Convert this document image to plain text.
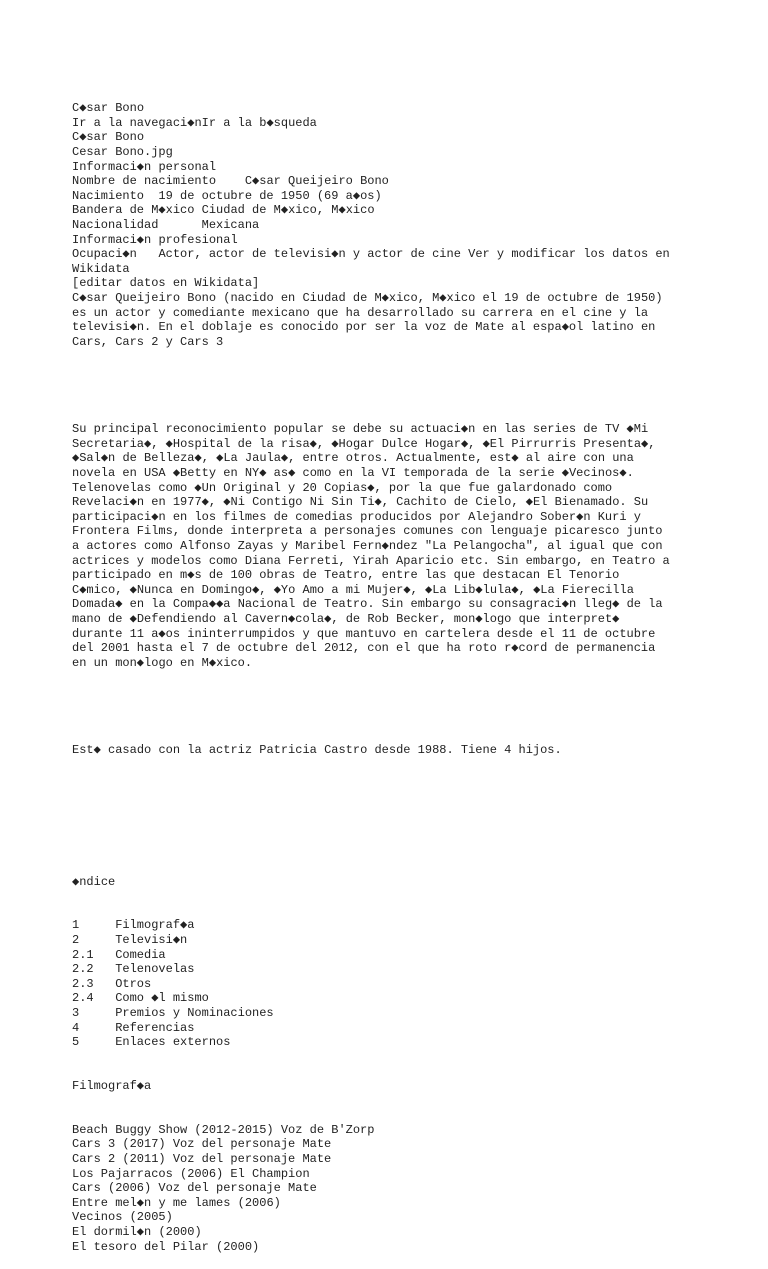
C◆sar Bono
Ir a la navegaci◆nIr a la b◆squeda
C◆sar Bono
Cesar Bono.jpg
Informaci◆n personal
Nombre de nacimiento    C◆sar Queijeiro Bono
Nacimiento  19 de octubre de 1950 (69 a◆os)
Bandera de M◆xico Ciudad de M◆xico, M◆xico
Nacionalidad      Mexicana
Informaci◆n profesional
Ocupaci◆n   Actor, actor de televisi◆n y actor de cine Ver y modificar los datos en
Wikidata
[editar datos en Wikidata]
C◆sar Queijeiro Bono (nacido en Ciudad de M◆xico, M◆xico el 19 de octubre de 1950)
es un actor y comediante mexicano que ha desarrollado su carrera en el cine y la
televisi◆n. En el doblaje es conocido por ser la voz de Mate al espa◆ol latino en
Cars, Cars 2 y Cars 3

Su principal reconocimiento popular se debe su actuaci◆n en las series de TV ◆Mi
Secretaria◆, ◆Hospital de la risa◆, ◆Hogar Dulce Hogar◆, ◆El Pirrurris Presenta◆,
◆Sal◆n de Belleza◆, ◆La Jaula◆, entre otros. Actualmente, est◆ al aire con una
novela en USA ◆Betty en NY◆ as◆ como en la VI temporada de la serie ◆Vecinos◆.
Telenovelas como ◆Un Original y 20 Copias◆, por la que fue galardonado como
Revelaci◆n en 1977◆, ◆Ni Contigo Ni Sin Ti◆, Cachito de Cielo, ◆El Bienamado. Su
participaci◆n en los filmes de comedias producidos por Alejandro Sober◆n Kuri y
Frontera Films, donde interpreta a personajes comunes con lenguaje picaresco junto
a actores como Alfonso Zayas y Maribel Fern◆ndez "La Pelangocha", al igual que con
actrices y modelos como Diana Ferreti, Yirah Aparicio etc. Sin embargo, en Teatro a
participado en m◆s de 100 obras de Teatro, entre las que destacan El Tenorio
C◆mico, ◆Nunca en Domingo◆, ◆Yo Amo a mi Mujer◆, ◆La Lib◆lula◆, ◆La Fierecilla
Domada◆ en la Compa◆◆a Nacional de Teatro. Sin embargo su consagraci◆n lleg◆ de la
mano de ◆Defendiendo al Cavern◆cola◆, de Rob Becker, mon◆logo que interpret◆
durante 11 a◆os ininterrumpidos y que mantuvo en cartelera desde el 11 de octubre
del 2001 hasta el 7 de octubre del 2012, con el que ha roto r◆cord de permanencia
en un mon◆logo en M◆xico.

Est◆ casado con la actriz Patricia Castro desde 1988. Tiene 4 hijos.

◆ndice

1     Filmograf◆a
2     Televisi◆n
2.1   Comedia
2.2   Telenovelas
2.3   Otros
2.4   Como ◆l mismo
3     Premios y Nominaciones
4     Referencias
5     Enlaces externos

Filmograf◆a

Beach Buggy Show (2012-2015) Voz de B'Zorp
Cars 3 (2017) Voz del personaje Mate
Cars 2 (2011) Voz del personaje Mate
Los Pajarracos (2006) El Champion
Cars (2006) Voz del personaje Mate
Entre mel◆n y me lames (2006)
Vecinos (2005)
El dormil◆n (2000)
El tesoro del Pilar (2000)
